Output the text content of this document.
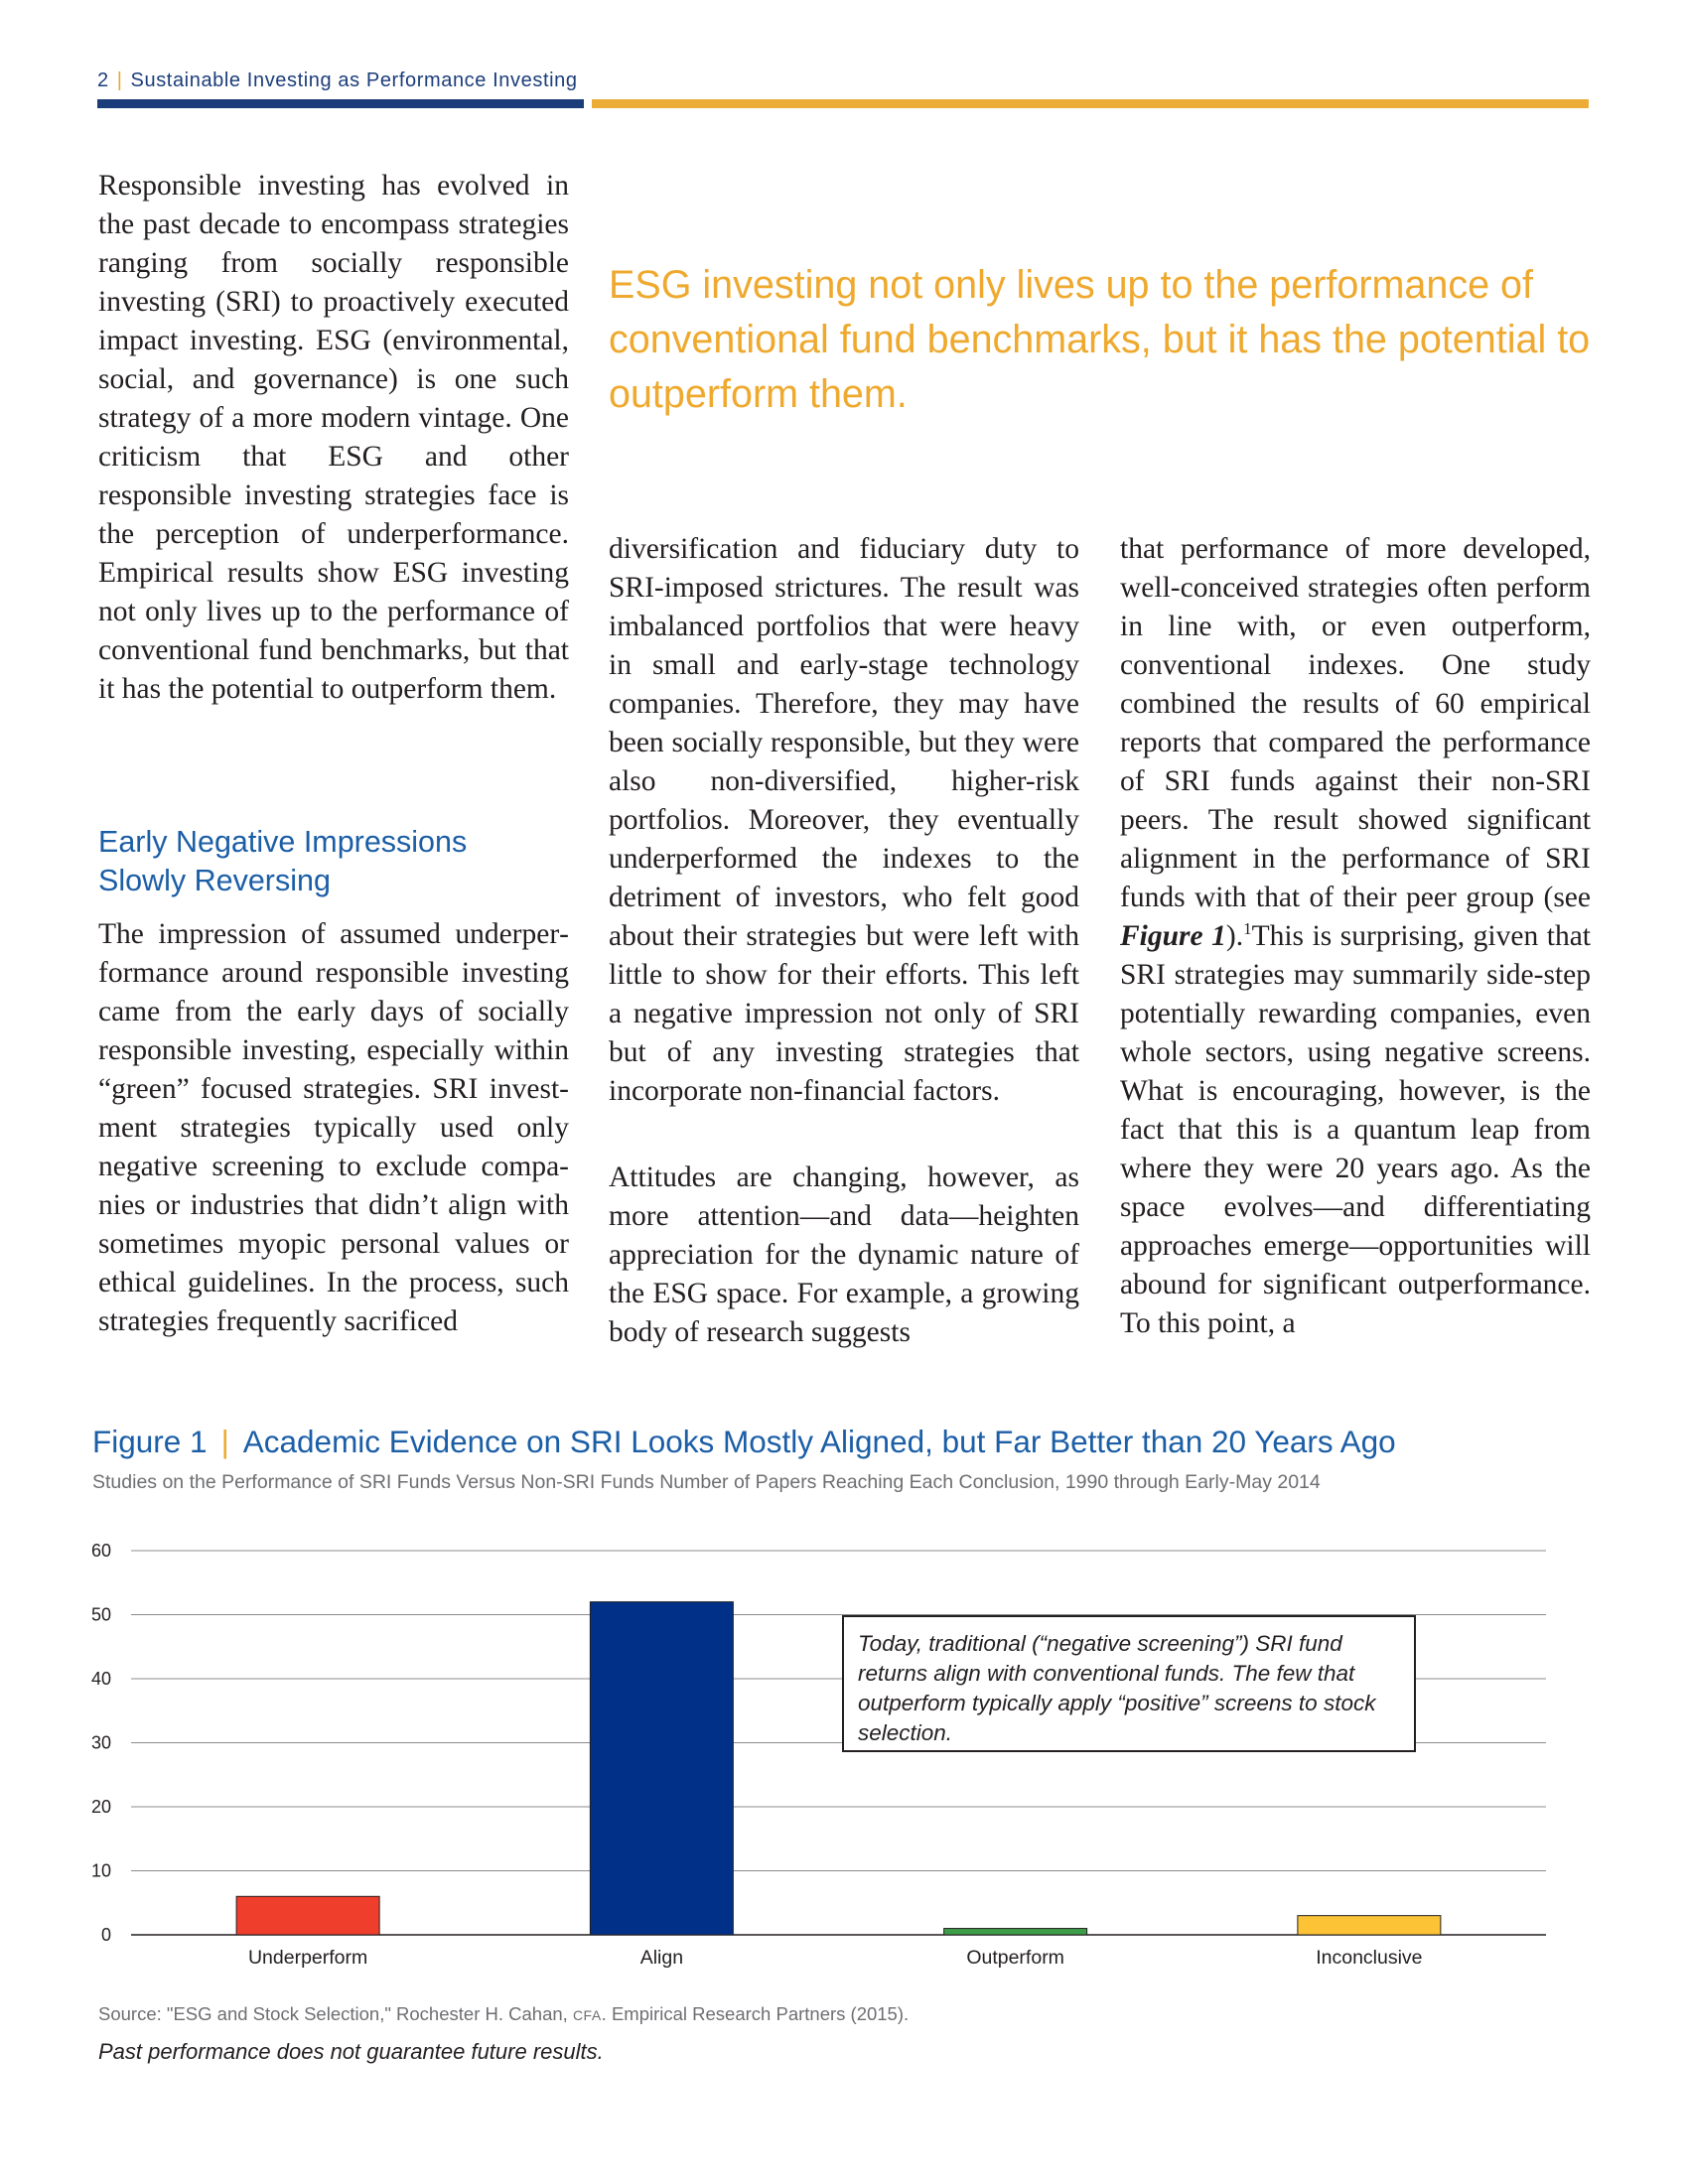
2 | Sustainable Investing as Performance Investing

Responsible investing has evolved in the past decade to encompass strategies ranging from socially responsible investing (SRI) to proactively executed impact investing. ESG (environmental, social, and governance) is one such strategy of a more modern vintage. One criticism that ESG and other responsible investing strategies face is the perception of underperformance. Empirical results show ESG investing not only lives up to the performance of conventional fund benchmarks, but that it has the potential to outperform them.

Early Negative Impressions
Slowly Reversing

The impression of assumed underperformance around responsible investing came from the early days of socially responsible investing, especially within “green” focused strategies. SRI investment strategies typically used only negative screening to exclude companies or industries that didn’t align with sometimes myopic personal values or ethical guidelines. In the process, such strategies frequently sacrificed

ESG investing not only lives up to the performance of conventional fund benchmarks, but it has the potential to outperform them.

diversification and fiduciary duty to SRI-imposed strictures. The result was imbalanced portfolios that were heavy in small and early-stage technology companies. Therefore, they may have been socially responsible, but they were also non-diversified, higher-risk portfolios. Moreover, they eventually underperformed the indexes to the detriment of investors, who felt good about their strategies but were left with little to show for their efforts. This left a negative impression not only of SRI but of any investing strategies that incorporate non-financial factors.

Attitudes are changing, however, as more attention—and data—heighten appreciation for the dynamic nature of the ESG space. For example, a growing body of research suggests

that performance of more developed, well-conceived strategies often perform in line with, or even outperform, conventional indexes. One study combined the results of 60 empirical reports that compared the performance of SRI funds against their non-SRI peers. The result showed significant alignment in the performance of SRI funds with that of their peer group (see Figure 1).$^1$This is surprising, given that SRI strategies may summarily side-step potentially rewarding companies, even whole sectors, using negative screens. What is encouraging, however, is the fact that this is a quantum leap from where they were 20 years ago. As the space evolves—and differentiating approaches emerge—opportunities will abound for significant outperformance. To this point, a

Figure 1 | Academic Evidence on SRI Looks Mostly Aligned, but Far Better than 20 Years Ago
Studies on the Performance of SRI Funds Versus Non-SRI Funds Number of Papers Reaching Each Conclusion, 1990 through Early-May 2014
0
10
20
30
40
50
60
Underperform	Align	Outperform	Inconclusive
Today, traditional (“negative screening”) SRI fund returns align with conventional funds. The few that outperform typically apply “positive” screens to stock selection.
Source: "ESG and Stock Selection," Rochester H. Cahan, CFA. Empirical Research Partners (2015).
Past performance does not guarantee future results.
